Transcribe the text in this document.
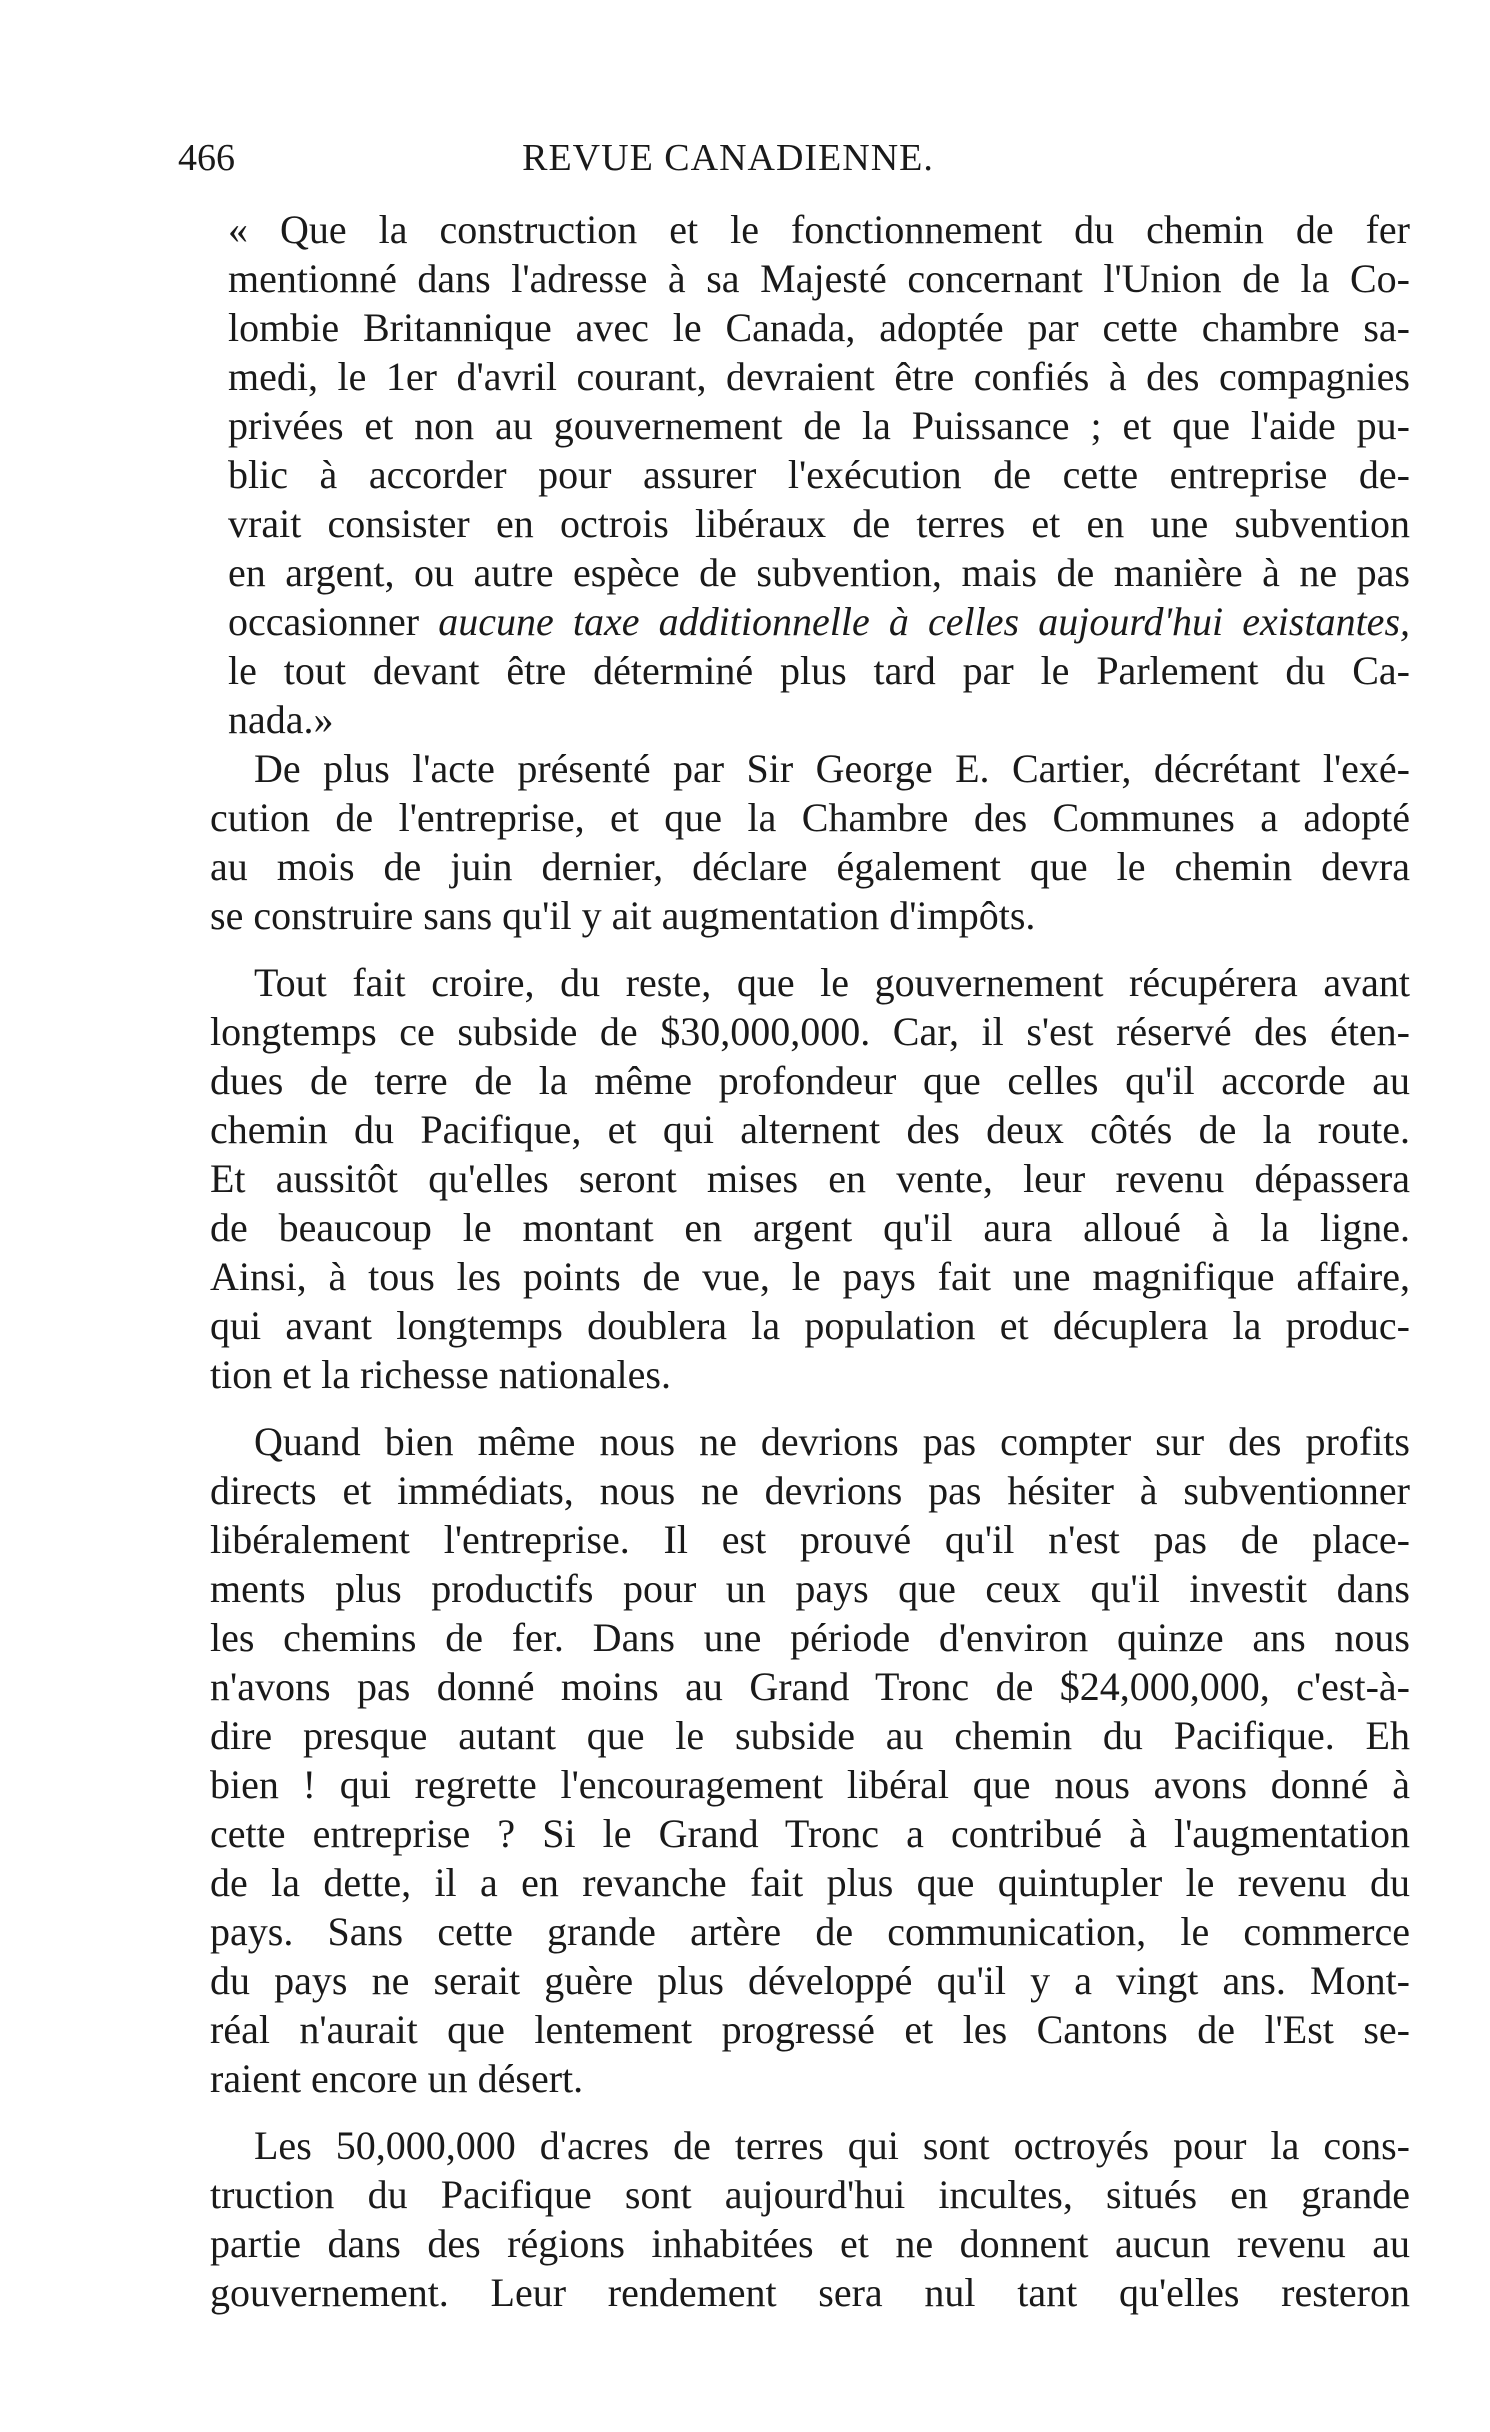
466	REVUE CANADIENNE.
« Que la construction et le fonctionnement du chemin de fer
mentionné dans l'adresse à sa Majesté concernant l'Union de la Co-
lombie Britannique avec le Canada, adoptée par cette chambre sa-
medi, le 1er d'avril courant, devraient être confiés à des compagnies
privées et non au gouvernement de la Puissance ; et que l'aide pu-
blic à accorder pour assurer l'exécution de cette entreprise de-
vrait consister en octrois libéraux de terres et en une subvention
en argent, ou autre espèce de subvention, mais de manière à ne pas
occasionner aucune taxe additionnelle à celles aujourd'hui existantes,
le tout devant être déterminé plus tard par le Parlement du Ca-
nada.»
De plus l'acte présenté par Sir George E. Cartier, décrétant l'exé-
cution de l'entreprise, et que la Chambre des Communes a adopté
au mois de juin dernier, déclare également que le chemin devra
se construire sans qu'il y ait augmentation d'impôts.
Tout fait croire, du reste, que le gouvernement récupérera avant
longtemps ce subside de $30,000,000. Car, il s'est réservé des éten-
dues de terre de la même profondeur que celles qu'il accorde au
chemin du Pacifique, et qui alternent des deux côtés de la route.
Et aussitôt qu'elles seront mises en vente, leur revenu dépassera
de beaucoup le montant en argent qu'il aura alloué à la ligne.
Ainsi, à tous les points de vue, le pays fait une magnifique affaire,
qui avant longtemps doublera la population et décuplera la produc-
tion et la richesse nationales.
Quand bien même nous ne devrions pas compter sur des profits
directs et immédiats, nous ne devrions pas hésiter à subventionner
libéralement l'entreprise. Il est prouvé qu'il n'est pas de place-
ments plus productifs pour un pays que ceux qu'il investit dans
les chemins de fer. Dans une période d'environ quinze ans nous
n'avons pas donné moins au Grand Tronc de $24,000,000, c'est-à-
dire presque autant que le subside au chemin du Pacifique. Eh
bien ! qui regrette l'encouragement libéral que nous avons donné à
cette entreprise ? Si le Grand Tronc a contribué à l'augmentation
de la dette, il a en revanche fait plus que quintupler le revenu du
pays. Sans cette grande artère de communication, le commerce
du pays ne serait guère plus développé qu'il y a vingt ans. Mont-
réal n'aurait que lentement progressé et les Cantons de l'Est se-
raient encore un désert.
Les 50,000,000 d'acres de terres qui sont octroyés pour la cons-
truction du Pacifique sont aujourd'hui incultes, situés en grande
partie dans des régions inhabitées et ne donnent aucun revenu au
gouvernement. Leur rendement sera nul tant qu'elles resteron
